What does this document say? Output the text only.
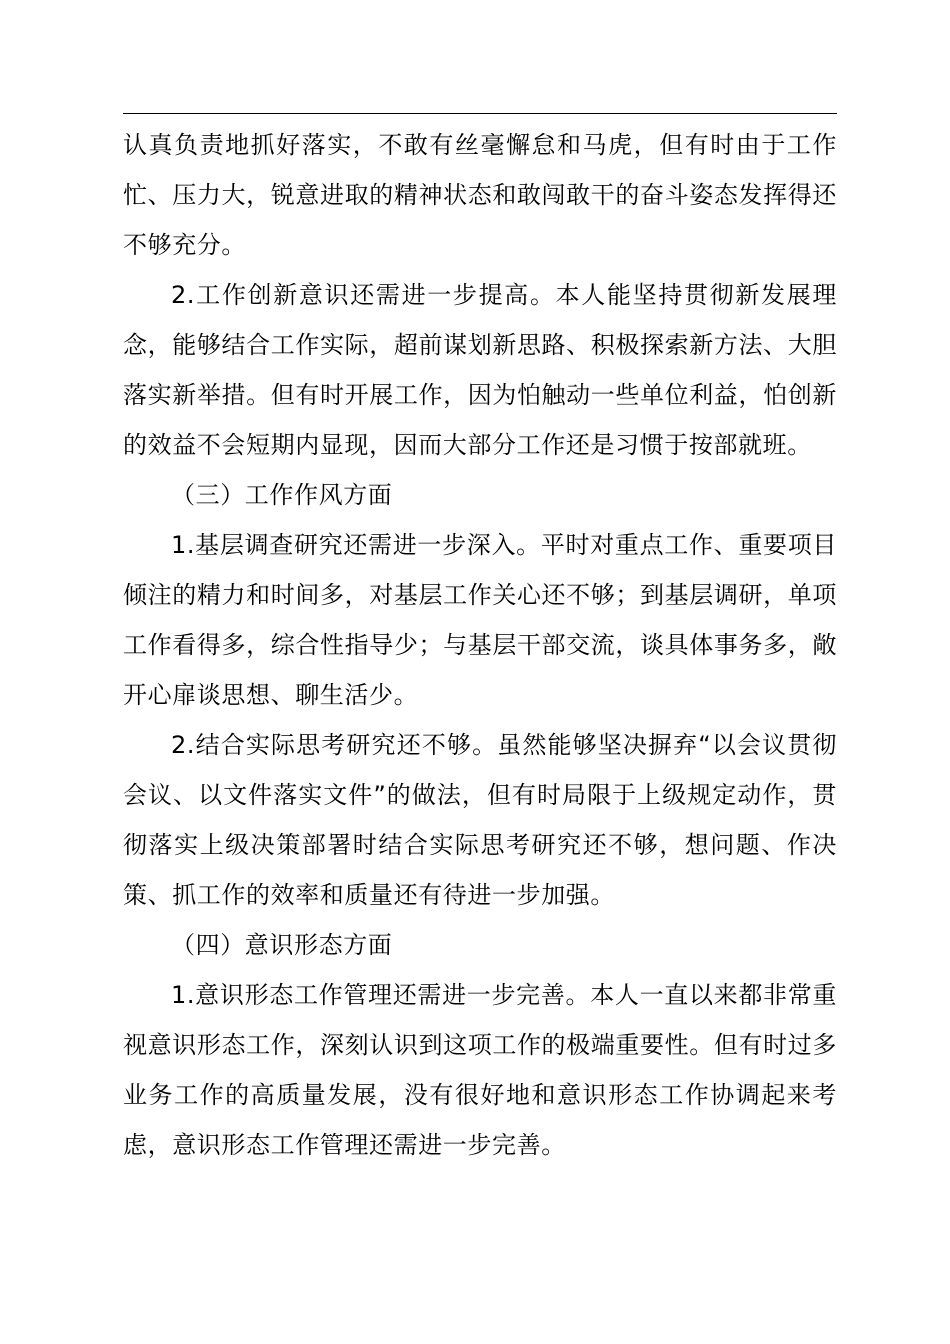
认真负责地抓好落实，不敢有丝毫懈怠和马虎，但有时由于工作忙、压力大，锐意进取的精神状态和敢闯敢干的奋斗姿态发挥得还不够充分。

2.工作创新意识还需进一步提高。本人能坚持贯彻新发展理念，能够结合工作实际，超前谋划新思路、积极探索新方法、大胆落实新举措。但有时开展工作，因为怕触动一些单位利益，怕创新的效益不会短期内显现，因而大部分工作还是习惯于按部就班。

（三）工作作风方面

1.基层调查研究还需进一步深入。平时对重点工作、重要项目倾注的精力和时间多，对基层工作关心还不够；到基层调研，单项工作看得多，综合性指导少；与基层干部交流，谈具体事务多，敞开心扉谈思想、聊生活少。

2.结合实际思考研究还不够。虽然能够坚决摒弃“以会议贯彻会议、以文件落实文件”的做法，但有时局限于上级规定动作，贯彻落实上级决策部署时结合实际思考研究还不够，想问题、作决策、抓工作的效率和质量还有待进一步加强。

（四）意识形态方面

1.意识形态工作管理还需进一步完善。本人一直以来都非常重视意识形态工作，深刻认识到这项工作的极端重要性。但有时过多业务工作的高质量发展，没有很好地和意识形态工作协调起来考虑，意识形态工作管理还需进一步完善。
